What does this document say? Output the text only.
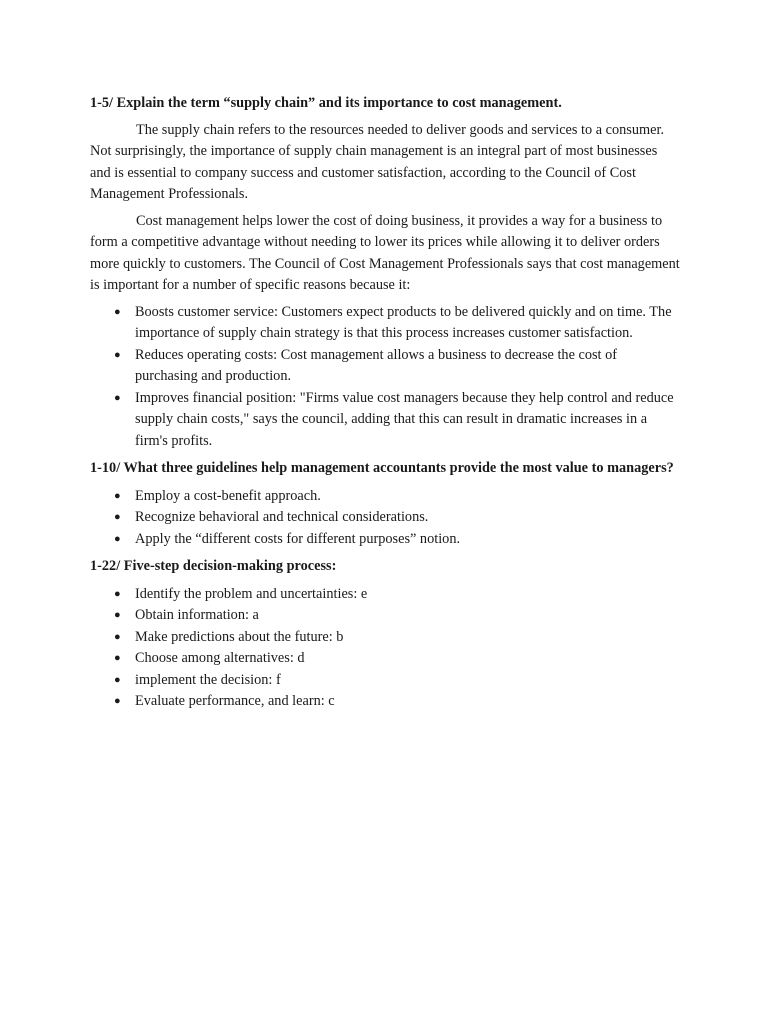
1-5/ Explain the term “supply chain” and its importance to cost management.

The supply chain refers to the resources needed to deliver goods and services to a consumer. Not surprisingly, the importance of supply chain management is an integral part of most businesses and is essential to company success and customer satisfaction, according to the Council of Cost Management Professionals.

Cost management helps lower the cost of doing business, it provides a way for a business to form a competitive advantage without needing to lower its prices while allowing it to deliver orders more quickly to customers. The Council of Cost Management Professionals says that cost management is important for a number of specific reasons because it:

● Boosts customer service: Customers expect products to be delivered quickly and on time. The importance of supply chain strategy is that this process increases customer satisfaction.
● Reduces operating costs: Cost management allows a business to decrease the cost of purchasing and production.
● Improves financial position: "Firms value cost managers because they help control and reduce supply chain costs," says the council, adding that this can result in dramatic increases in a firm's profits.

1-10/ What three guidelines help management accountants provide the most value to managers?

● Employ a cost-benefit approach.
● Recognize behavioral and technical considerations.
● Apply the “different costs for different purposes” notion.

1-22/ Five-step decision-making process:

● Identify the problem and uncertainties: e
● Obtain information: a
● Make predictions about the future: b
● Choose among alternatives: d
● implement the decision: f
● Evaluate performance, and learn: c
